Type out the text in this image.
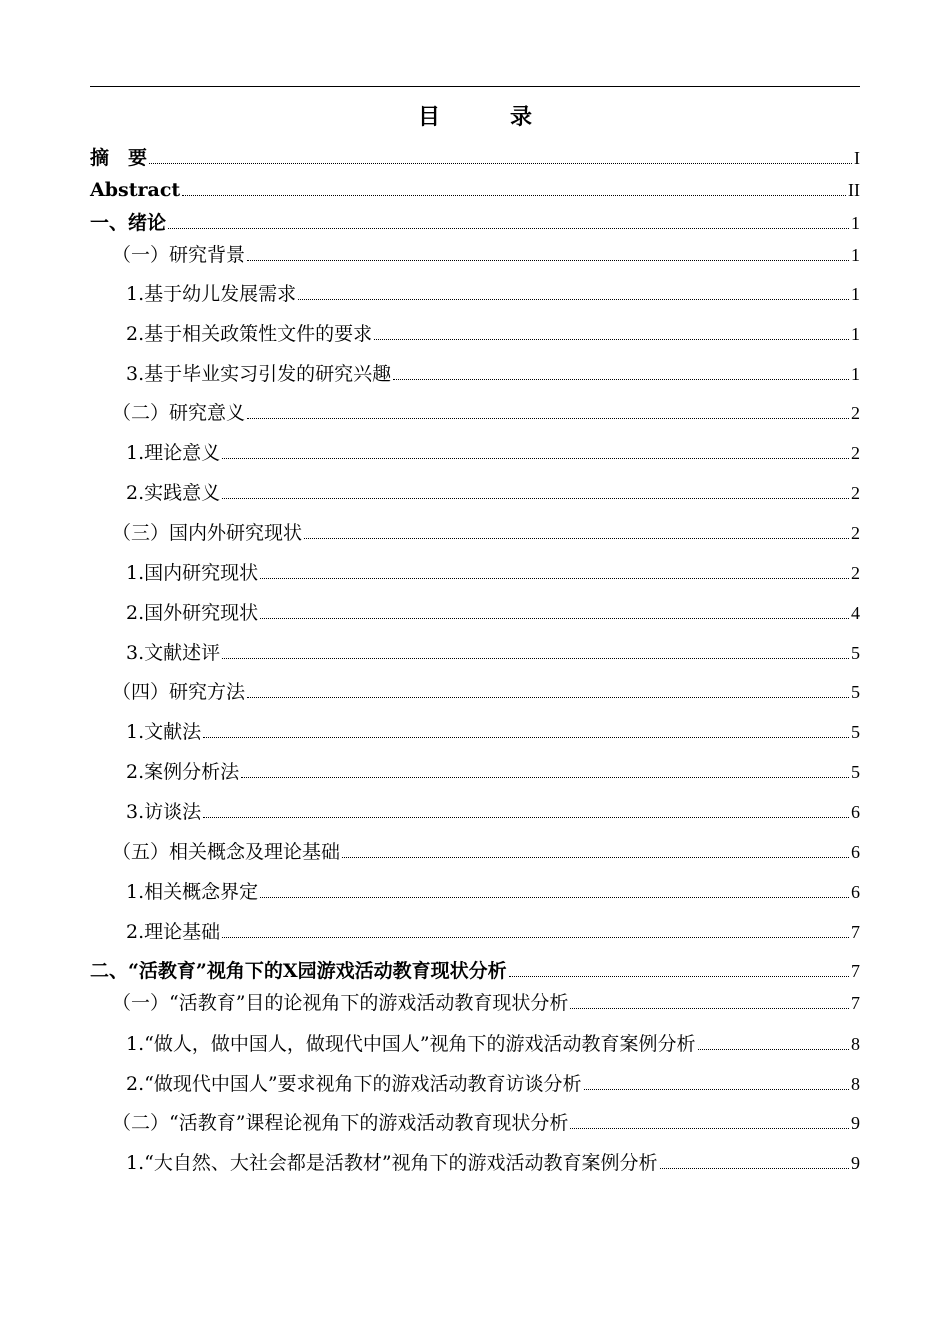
目　录
摘　要	I
Abstract	II
一、绪论	1
（一）研究背景	1
1.基于幼儿发展需求	1
2.基于相关政策性文件的要求	1
3.基于毕业实习引发的研究兴趣	1
（二）研究意义	2
1.理论意义	2
2.实践意义	2
（三）国内外研究现状	2
1.国内研究现状	2
2.国外研究现状	4
3.文献述评	5
（四）研究方法	5
1.文献法	5
2.案例分析法	5
3.访谈法	6
（五）相关概念及理论基础	6
1.相关概念界定	6
2.理论基础	7
二、“活教育”视角下的X园游戏活动教育现状分析	7
（一）“活教育”目的论视角下的游戏活动教育现状分析	7
1.“做人，做中国人，做现代中国人”视角下的游戏活动教育案例分析	8
2.“做现代中国人”要求视角下的游戏活动教育访谈分析	8
（二）“活教育”课程论视角下的游戏活动教育现状分析	9
1.“大自然、大社会都是活教材”视角下的游戏活动教育案例分析	9
